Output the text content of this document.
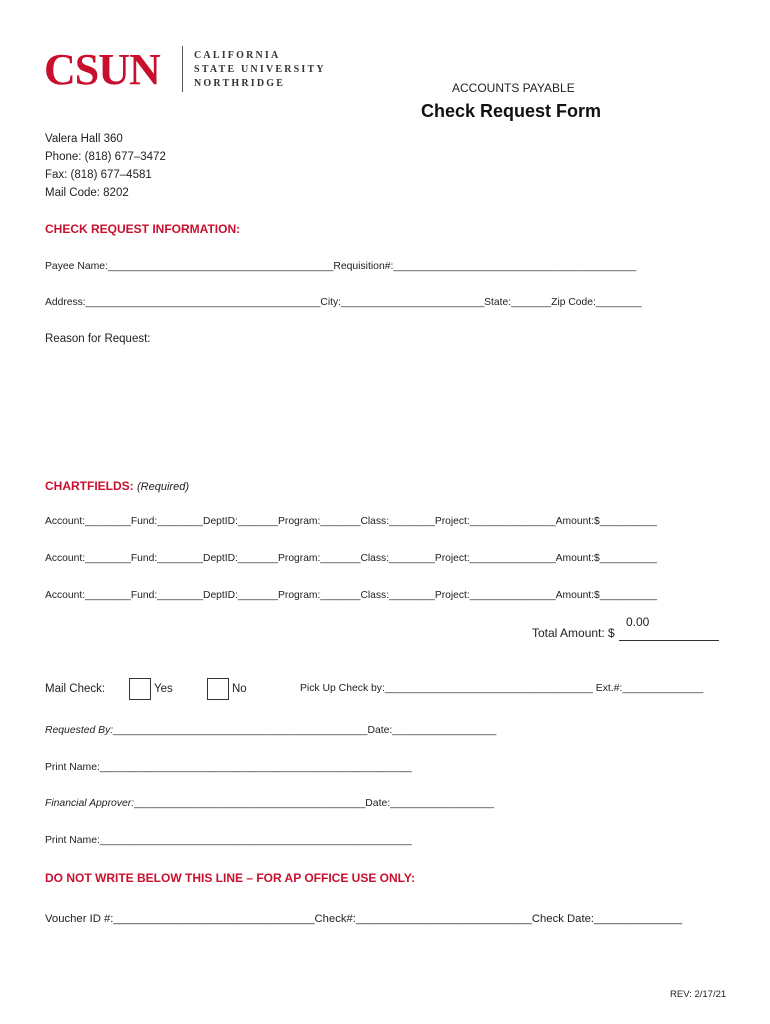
CSUN	CALIFORNIA
STATE UNIVERSITY
NORTHRIDGE	ACCOUNTS PAYABLE
Check Request Form
Valera Hall 360
Phone: (818) 677–3472
Fax: (818) 677–4581
Mail Code: 8202
CHECK REQUEST INFORMATION:
Payee Name:_______________________________________Requisition#:__________________________________________
Address:_________________________________________City:_________________________State:_______Zip Code:________
Reason for Request:
CHARTFIELDS: (Required)
Account:________Fund:________DeptID:_______Program:_______Class:________Project:_______________Amount:$__________
Account:________Fund:________DeptID:_______Program:_______Class:________Project:_______________Amount:$__________
Account:________Fund:________DeptID:_______Program:_______Class:________Project:_______________Amount:$__________
0.00
Total Amount: $
Mail Check:	Yes	No	Pick Up Check by:____________________________________ Ext.#:______________
Requested By:____________________________________________Date:__________________
Print Name:______________________________________________________
Financial Approver:________________________________________Date:__________________
Print Name:______________________________________________________
DO NOT WRITE BELOW THIS LINE – FOR AP OFFICE USE ONLY:
Voucher ID #:________________________________Check#:____________________________Check Date:______________
REV: 2/17/21
